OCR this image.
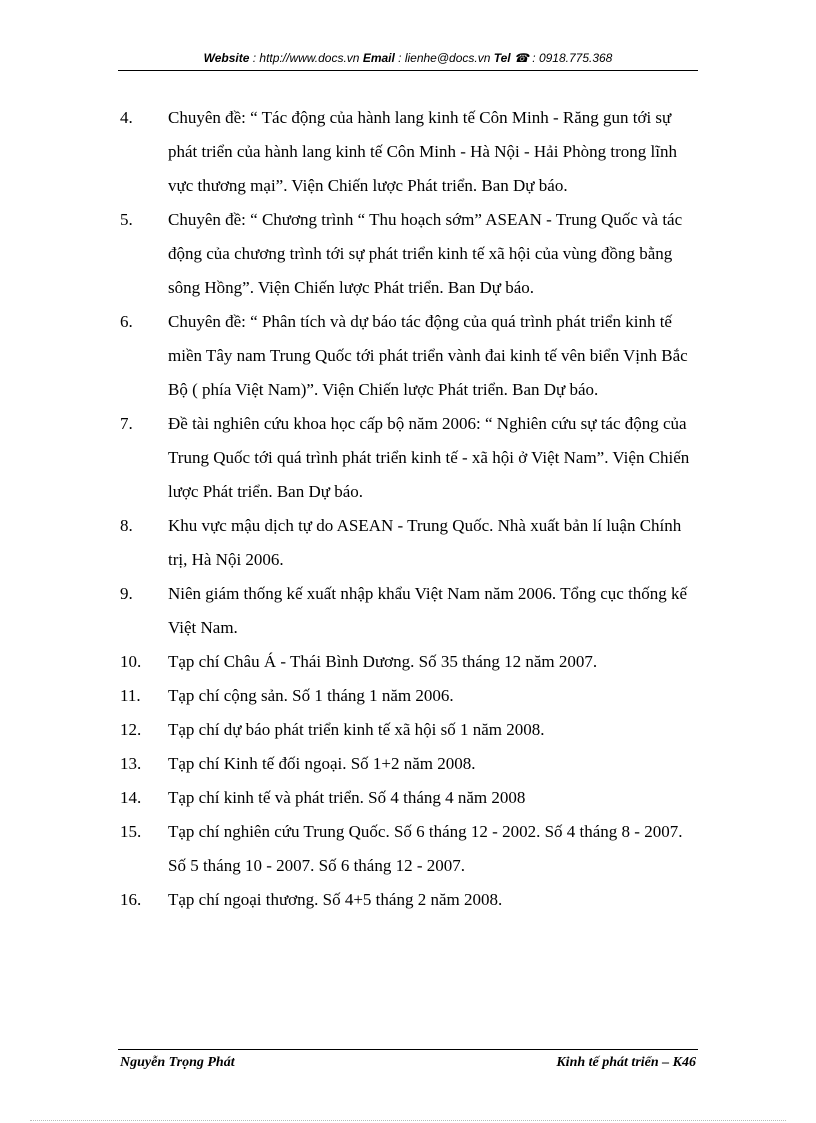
Website : http://www.docs.vn Email : lienhe@docs.vn Tel ☎ : 0918.775.368
4.	Chuyên đề: “ Tác động của hành lang kinh tế Côn Minh - Răng gun tới sự phát triển của hành lang kinh tế Côn Minh - Hà Nội - Hải Phòng trong lĩnh vực thương mại”. Viện Chiến lược Phát triển. Ban Dự báo.
5.	Chuyên đề: “ Chương trình “ Thu hoạch sớm” ASEAN - Trung Quốc và tác động của chương trình tới sự phát triển kinh tế xã hội của vùng đồng bằng sông Hồng”. Viện Chiến lược Phát triển. Ban Dự báo.
6.	Chuyên đề: “ Phân tích và dự báo tác động của quá trình phát triển kinh tế miền Tây nam Trung Quốc tới phát triển vành đai kinh tế vên biển Vịnh Bắc Bộ ( phía Việt Nam)”. Viện Chiến lược Phát triển. Ban Dự báo.
7.	Đề tài nghiên cứu khoa học cấp bộ năm 2006: “ Nghiên cứu sự tác động của Trung Quốc tới quá trình phát triển kinh tế - xã hội ở Việt Nam”. Viện Chiến lược Phát triển. Ban Dự báo.
8.	Khu vực mậu dịch tự do ASEAN - Trung Quốc. Nhà xuất bản lí luận Chính trị, Hà Nội 2006.
9.	Niên giám thống kế xuất nhập khẩu Việt Nam năm 2006. Tổng cục thống kế Việt Nam.
10.	Tạp chí Châu Á - Thái Bình Dương. Số 35 tháng 12 năm 2007.
11.	Tạp chí cộng sản. Số 1 tháng 1 năm 2006.
12.	Tạp chí dự báo phát triển kinh tế xã hội số 1 năm 2008.
13.	Tạp chí Kinh tế đối ngoại. Số 1+2 năm 2008.
14.	Tạp chí kinh tế và phát triển. Số 4 tháng 4 năm 2008
15.	Tạp chí nghiên cứu Trung Quốc. Số 6 tháng 12 - 2002. Số 4 tháng 8 - 2007. Số 5 tháng 10 - 2007. Số 6 tháng 12 - 2007.
16.	Tạp chí ngoại thương. Số 4+5 tháng 2 năm 2008.
Nguyễn Trọng Phát	Kinh tế phát triển – K46
